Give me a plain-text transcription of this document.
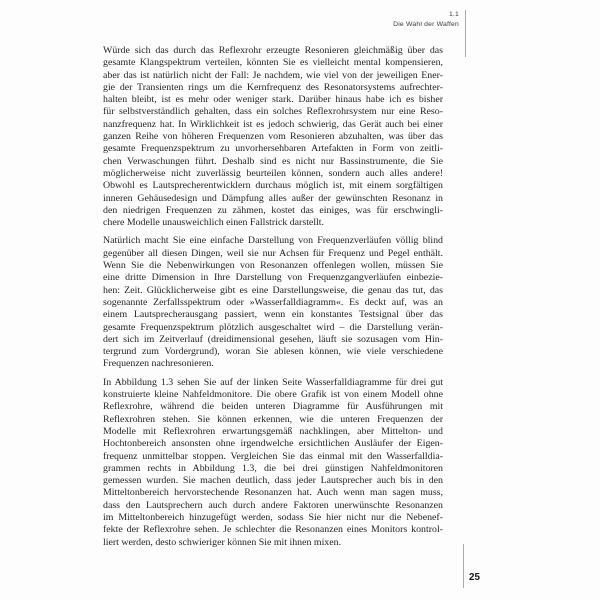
1.1
Die Wahl der Waffen
Würde sich das durch das Reflexrohr erzeugte Resonieren gleichmäßig über das
gesamte Klangspektrum verteilen, könnten Sie es vielleicht mental kompensieren,
aber das ist natürlich nicht der Fall: Je nachdem, wie viel von der jeweiligen Ener-
gie der Transienten rings um die Kernfrequenz des Resonatorsystems aufrechter-
halten bleibt, ist es mehr oder weniger stark. Darüber hinaus habe ich es bisher
für selbstverständlich gehalten, dass ein solches Reflexrohrsystem nur eine Reso-
nanzfrequenz hat. In Wirklichkeit ist es jedoch schwierig, das Gerät auch bei einer
ganzen Reihe von höheren Frequenzen vom Resonieren abzuhalten, was über das
gesamte Frequenzspektrum zu unvorhersehbaren Artefakten in Form von zeitli-
chen Verwaschungen führt. Deshalb sind es nicht nur Bassinstrumente, die Sie
möglicherweise nicht zuverlässig beurteilen können, sondern auch alles andere!
Obwohl es Lautsprecherentwicklern durchaus möglich ist, mit einem sorgfältigen
inneren Gehäusedesign und Dämpfung alles außer der gewünschten Resonanz in
den niedrigen Frequenzen zu zähmen, kostet das einiges, was für erschwingli-
chere Modelle unausweichlich einen Fallstrick darstellt.
Natürlich macht Sie eine einfache Darstellung von Frequenzverläufen völlig blind
gegenüber all diesen Dingen, weil sie nur Achsen für Frequenz und Pegel enthält.
Wenn Sie die Nebenwirkungen von Resonanzen offenlegen wollen, müssen Sie
eine dritte Dimension in Ihre Darstellung von Frequenzgangverläufen einbezie-
hen: Zeit. Glücklicherweise gibt es eine Darstellungsweise, die genau das tut, das
sogenannte Zerfallsspektrum oder »Wasserfalldiagramm«. Es deckt auf, was an
einem Lautsprecherausgang passiert, wenn ein konstantes Testsignal über das
gesamte Frequenzspektrum plötzlich ausgeschaltet wird – die Darstellung verän-
dert sich im Zeitverlauf (dreidimensional gesehen, läuft sie sozusagen vom Hin-
tergrund zum Vordergrund), woran Sie ablesen können, wie viele verschiedene
Frequenzen nachresonieren.
In Abbildung 1.3 sehen Sie auf der linken Seite Wasserfalldiagramme für drei gut
konstruierte kleine Nahfeldmonitore. Die obere Grafik ist von einem Modell ohne
Reflexrohre, während die beiden unteren Diagramme für Ausführungen mit
Reflexrohren stehen. Sie können erkennen, wie die unteren Frequenzen der
Modelle mit Reflexrohren erwartungsgemäß nachklingen, aber Mittelton- und
Hochtonbereich ansonsten ohne irgendwelche ersichtlichen Ausläufer der Eigen-
frequenz unmittelbar stoppen. Vergleichen Sie das einmal mit den Wasserfalldia-
grammen rechts in Abbildung 1.3, die bei drei günstigen Nahfeldmonitoren
gemessen wurden. Sie machen deutlich, dass jeder Lautsprecher auch bis in den
Mitteltonbereich hervorstechende Resonanzen hat. Auch wenn man sagen muss,
dass den Lautsprechern auch durch andere Faktoren unerwünschte Resonanzen
im Mitteltonbereich hinzugefügt werden, sodass Sie hier nicht nur die Nebenef-
fekte der Reflexrohre sehen. Je schlechter die Resonanzen eines Monitors kontrol-
liert werden, desto schwieriger können Sie mit ihnen mixen.
25
